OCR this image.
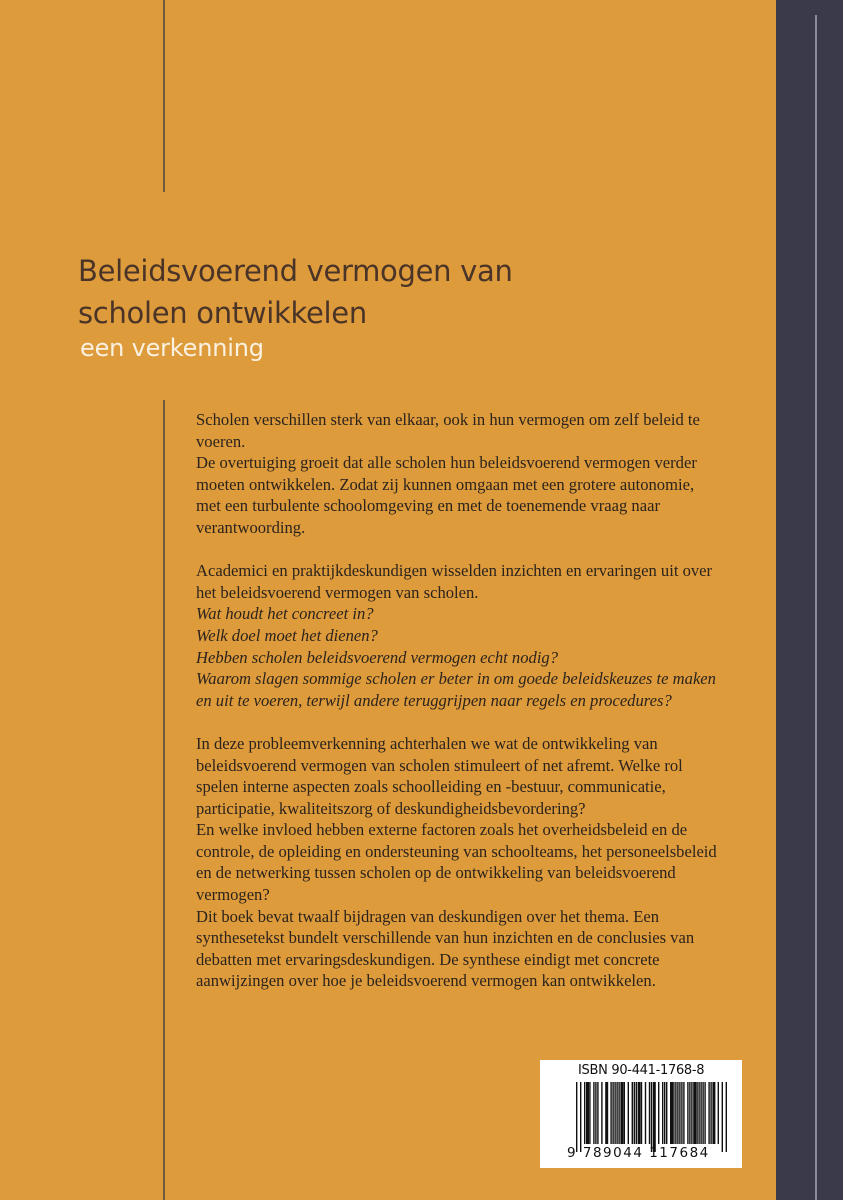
Beleidsvoerend vermogen van
scholen ontwikkelen
een verkenning

Scholen verschillen sterk van elkaar, ook in hun vermogen om zelf beleid te
voeren.
De overtuiging groeit dat alle scholen hun beleidsvoerend vermogen verder
moeten ontwikkelen. Zodat zij kunnen omgaan met een grotere autonomie,
met een turbulente schoolomgeving en met de toenemende vraag naar
verantwoording.

Academici en praktijkdeskundigen wisselden inzichten en ervaringen uit over
het beleidsvoerend vermogen van scholen.
Wat houdt het concreet in?
Welk doel moet het dienen?
Hebben scholen beleidsvoerend vermogen echt nodig?
Waarom slagen sommige scholen er beter in om goede beleidskeuzes te maken
en uit te voeren, terwijl andere teruggrijpen naar regels en procedures?

In deze probleemverkenning achterhalen we wat de ontwikkeling van
beleidsvoerend vermogen van scholen stimuleert of net afremt. Welke rol
spelen interne aspecten zoals schoolleiding en -bestuur, communicatie,
participatie, kwaliteitszorg of deskundigheidsbevordering?
En welke invloed hebben externe factoren zoals het overheidsbeleid en de
controle, de opleiding en ondersteuning van schoolteams, het personeelsbeleid
en de netwerking tussen scholen op de ontwikkeling van beleidsvoerend
vermogen?
Dit boek bevat twaalf bijdragen van deskundigen over het thema. Een
synthesetekst bundelt verschillende van hun inzichten en de conclusies van
debatten met ervaringsdeskundigen. De synthese eindigt met concrete
aanwijzingen over hoe je beleidsvoerend vermogen kan ontwikkelen.

ISBN 90-441-1768-8
9 789044 117684
